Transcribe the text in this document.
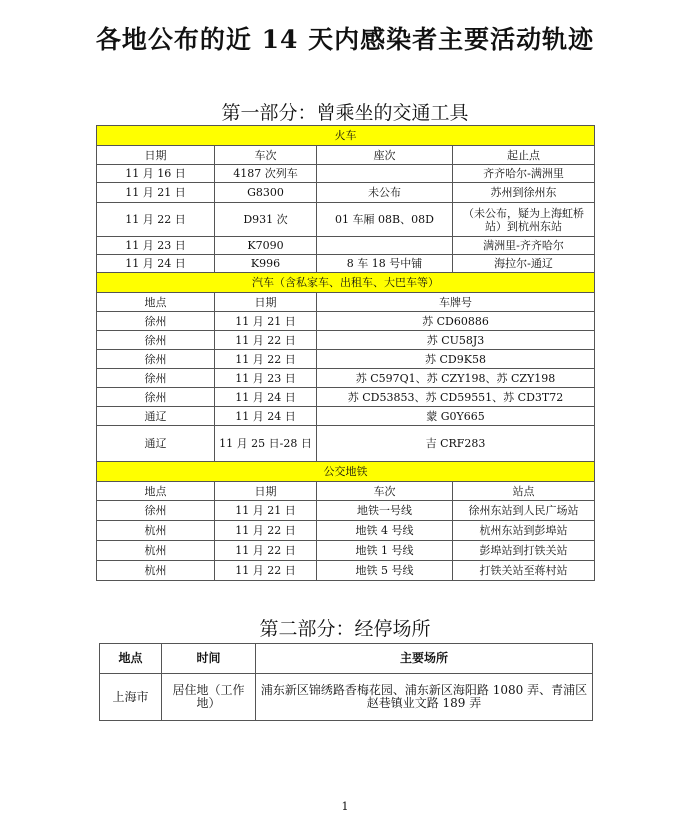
各地公布的近 14 天内感染者主要活动轨迹
第一部分：曾乘坐的交通工具
火车			
日期	车次	座次	起止点
11 月 16 日	4187 次列车		齐齐哈尔-满洲里
11 月 21 日	G8300	未公布	苏州到徐州东
11 月 22 日	D931 次	01 车厢 08B、08D	（未公布，疑为上海虹桥站）到杭州东站
11 月 23 日	K7090		满洲里-齐齐哈尔
11 月 24 日	K996	8 车 18 号中铺	海拉尔-通辽
汽车（含私家车、出租车、大巴车等）			
地点	日期	车牌号	
徐州	11 月 21 日	苏 CD60886	
徐州	11 月 22 日	苏 CU58J3	
徐州	11 月 22 日	苏 CD9K58	
徐州	11 月 23 日	苏 C597Q1、苏 CZY198、苏 CZY198	
徐州	11 月 24 日	苏 CD53853、苏 CD59551、苏 CD3T72	
通辽	11 月 24 日	蒙 G0Y665	
通辽	11 月 25 日-28 日	吉 CRF283	
公交地铁			
地点	日期	车次	站点
徐州	11 月 21 日	地铁一号线	徐州东站到人民广场站
杭州	11 月 22 日	地铁 4 号线	杭州东站到彭埠站
杭州	11 月 22 日	地铁 1 号线	彭埠站到打铁关站
杭州	11 月 22 日	地铁 5 号线	打铁关站至蒋村站
第二部分：经停场所
地点	时间	主要场所
上海市	居住地（工作地）	浦东新区锦绣路香梅花园、浦东新区海阳路 1080 弄、青浦区赵巷镇业文路 189 弄
1
